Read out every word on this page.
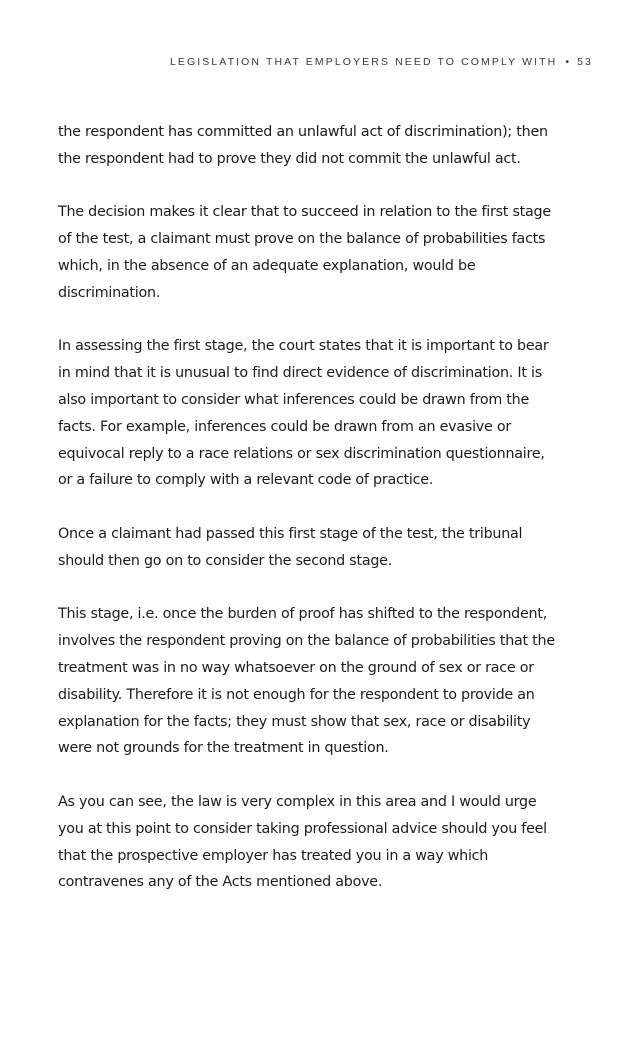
LEGISLATION THAT EMPLOYERS NEED TO COMPLY WITH • 53

the respondent has committed an unlawful act of discrimination); then
the respondent had to prove they did not commit the unlawful act.

The decision makes it clear that to succeed in relation to the first stage
of the test, a claimant must prove on the balance of probabilities facts
which, in the absence of an adequate explanation, would be
discrimination.

In assessing the first stage, the court states that it is important to bear
in mind that it is unusual to find direct evidence of discrimination. It is
also important to consider what inferences could be drawn from the
facts. For example, inferences could be drawn from an evasive or
equivocal reply to a race relations or sex discrimination questionnaire,
or a failure to comply with a relevant code of practice.

Once a claimant had passed this first stage of the test, the tribunal
should then go on to consider the second stage.

This stage, i.e. once the burden of proof has shifted to the respondent,
involves the respondent proving on the balance of probabilities that the
treatment was in no way whatsoever on the ground of sex or race or
disability. Therefore it is not enough for the respondent to provide an
explanation for the facts; they must show that sex, race or disability
were not grounds for the treatment in question.

As you can see, the law is very complex in this area and I would urge
you at this point to consider taking professional advice should you feel
that the prospective employer has treated you in a way which
contravenes any of the Acts mentioned above.
